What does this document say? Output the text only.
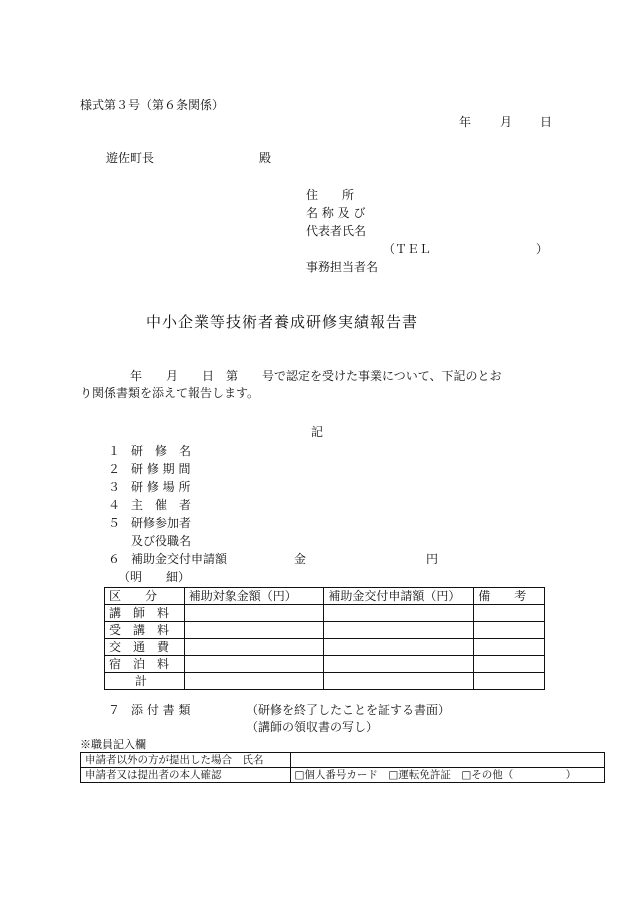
様式第３号（第６条関係）
年 月 日
遊佐町長	殿
住　　所
名 称 及 び
代表者氏名
（ＴＥＬ	）
事務担当者名
中小企業等技術者養成研修実績報告書
年　　月　　日　第　　号で認定を受けた事業について、下記のとお
り関係書類を添えて報告します。
記
１ 研　修　名
２ 研 修 期 間
３ 研 修 場 所
４ 主　催　者
５ 研修参加者
及び役職名
６ 補助金交付申請額	金	円
（明　　細）
区　　分	補助対象金額（円）	補助金交付申請額（円）	備　　考
講　師　料			
受　講　料			
交　通　費			
宿　泊　料			
計			
７ 添 付 書 類	（研修を終了したことを証する書面）
（講師の領収書の写し）
※職員記入欄
申請者以外の方が提出した場合　氏名	
申請者又は提出者の本人確認	□個人番号カード　□運転免許証　□その他（　　　　　）
